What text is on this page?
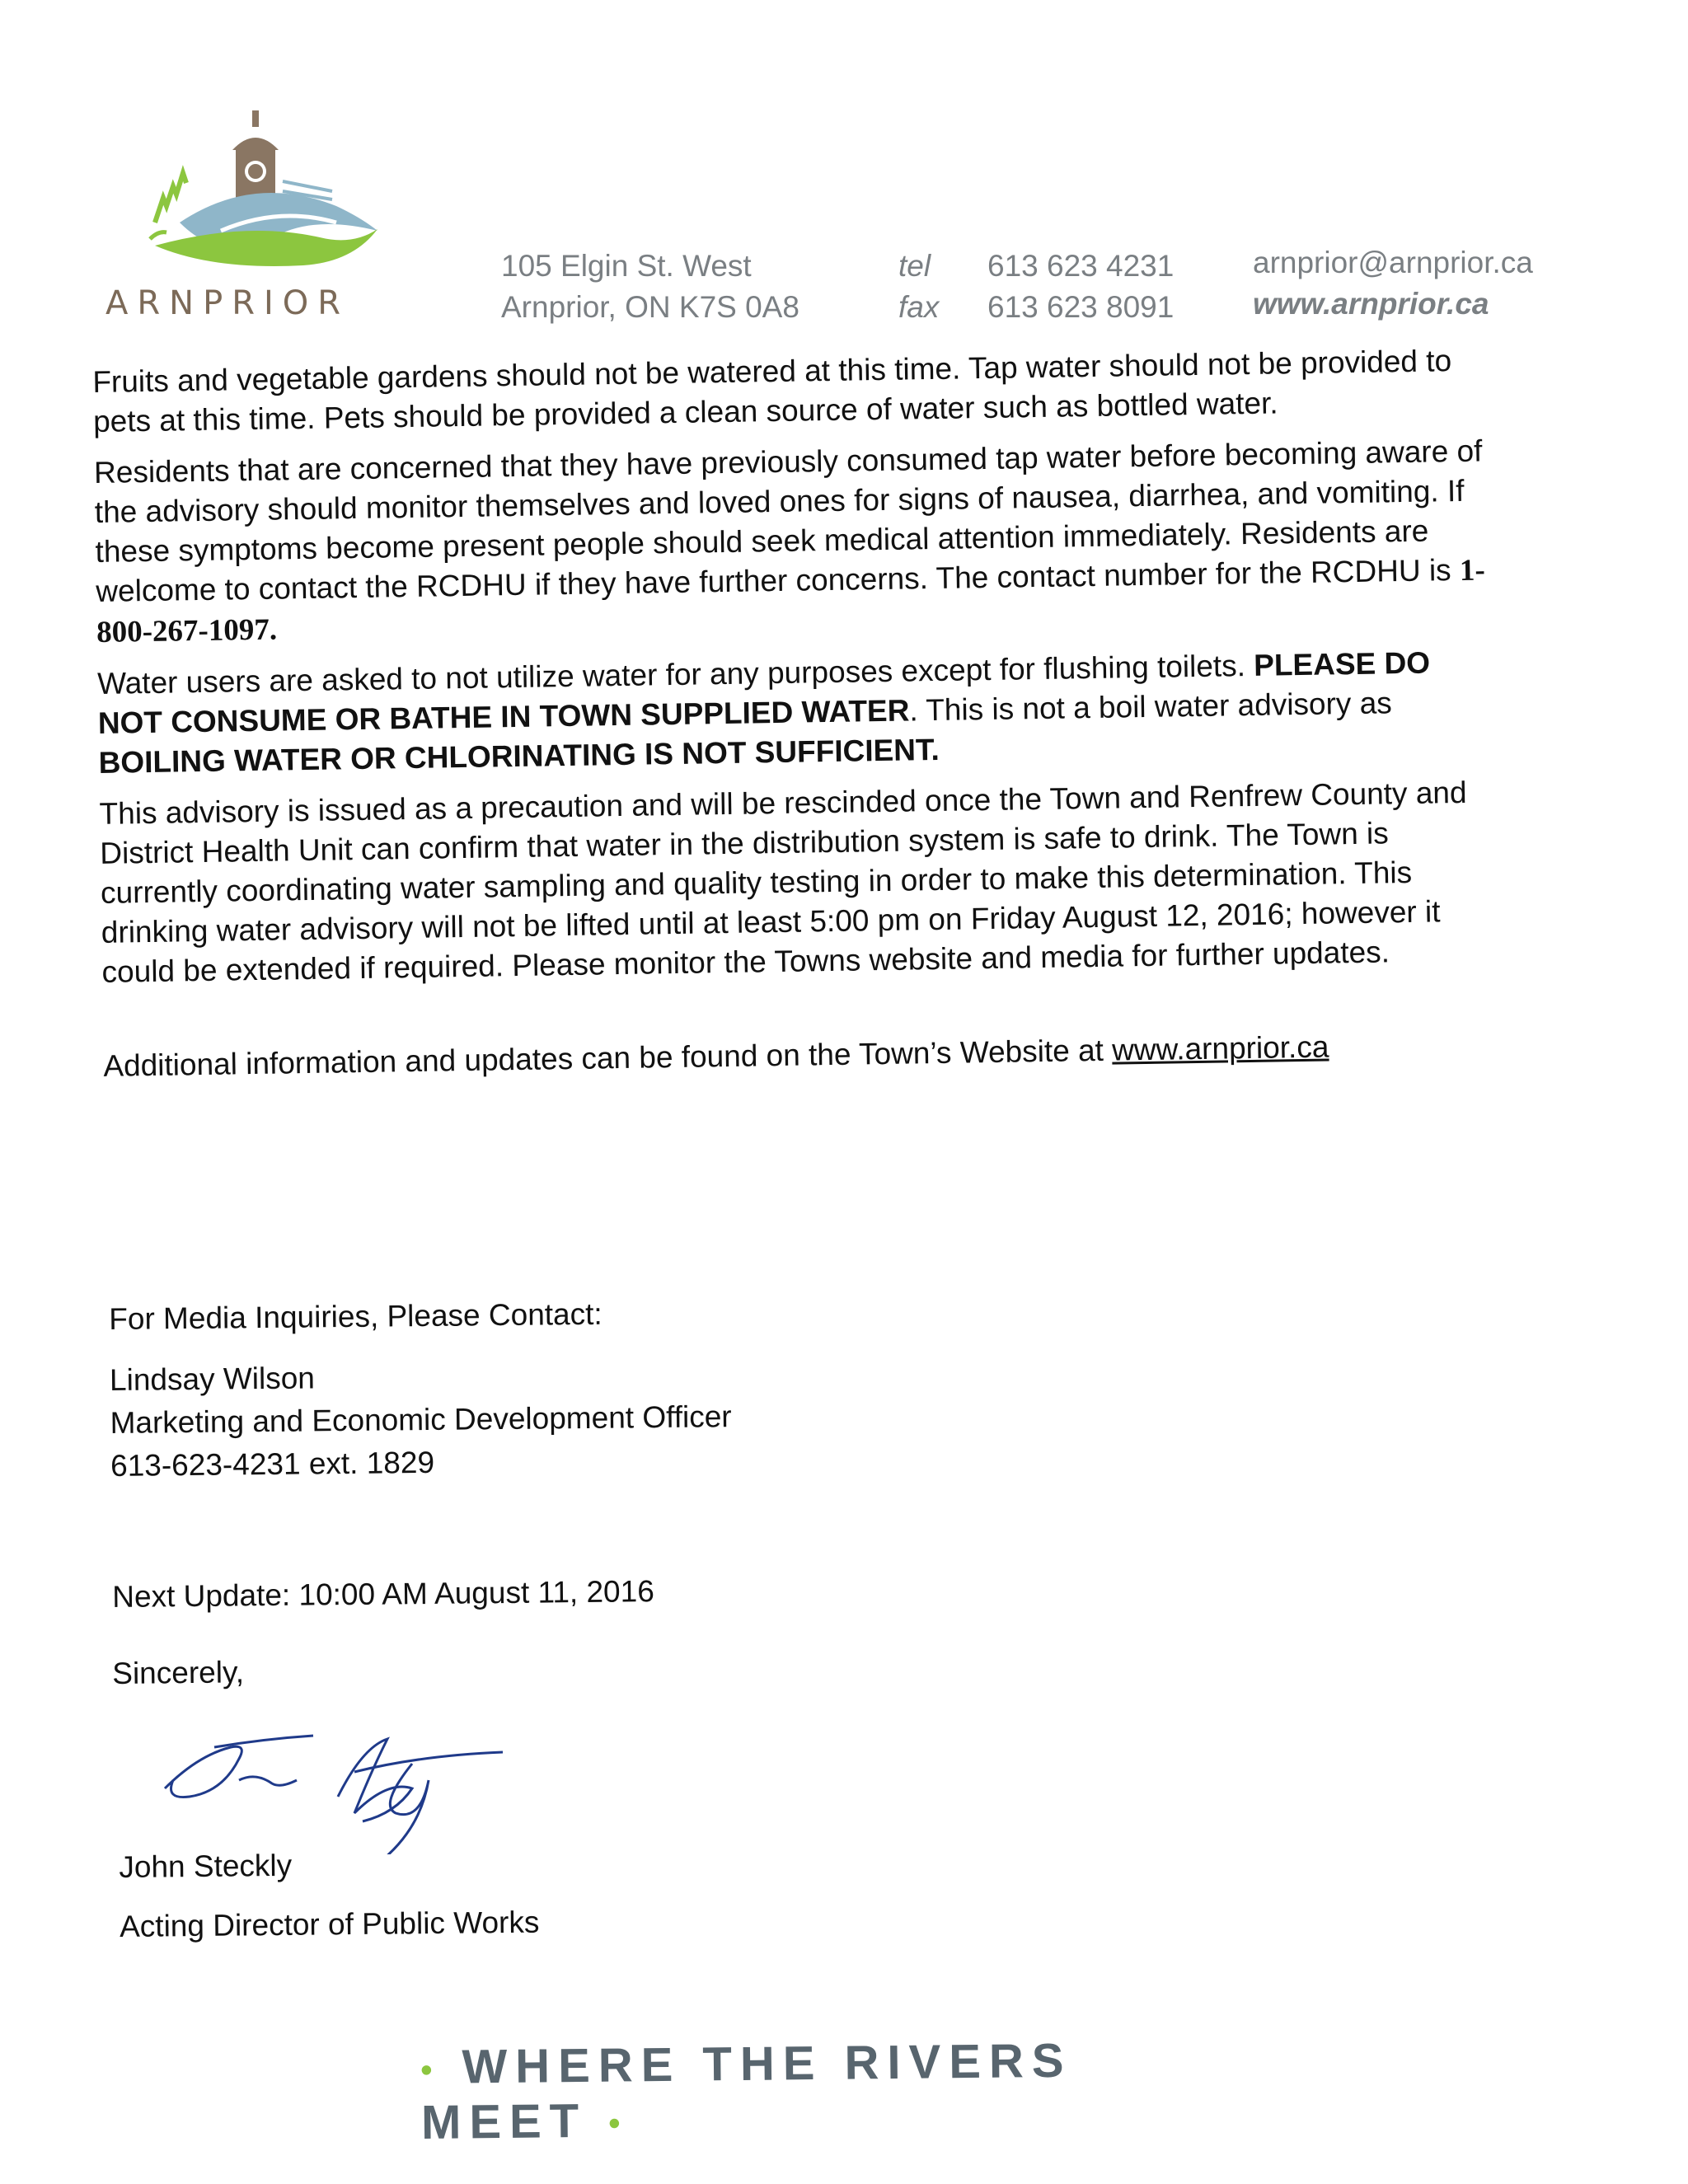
ARNPRIOR
105 Elgin St. West
Arnprior, ON K7S 0A8
tel
fax
613 623 4231
613 623 8091
arnprior@arnprior.ca
www.arnprior.ca

Fruits and vegetable gardens should not be watered at this time. Tap water should not be provided to pets at this time. Pets should be provided a clean source of water such as bottled water.

Residents that are concerned that they have previously consumed tap water before becoming aware of the advisory should monitor themselves and loved ones for signs of nausea, diarrhea, and vomiting. If these symptoms become present people should seek medical attention immediately. Residents are welcome to contact the RCDHU if they have further concerns. The contact number for the RCDHU is 1-800-267-1097.

Water users are asked to not utilize water for any purposes except for flushing toilets. PLEASE DO NOT CONSUME OR BATHE IN TOWN SUPPLIED WATER. This is not a boil water advisory as BOILING WATER OR CHLORINATING IS NOT SUFFICIENT.

This advisory is issued as a precaution and will be rescinded once the Town and Renfrew County and District Health Unit can confirm that water in the distribution system is safe to drink. The Town is currently coordinating water sampling and quality testing in order to make this determination. This drinking water advisory will not be lifted until at least 5:00 pm on Friday August 12, 2016; however it could be extended if required. Please monitor the Towns website and media for further updates.

Additional information and updates can be found on the Town’s Website at www.arnprior.ca

For Media Inquiries, Please Contact:
Lindsay Wilson
Marketing and Economic Development Officer
613-623-4231 ext. 1829
Next Update: 10:00 AM August 11, 2016
Sincerely,
John Steckly
Acting Director of Public Works
• WHERE THE RIVERS MEET •
